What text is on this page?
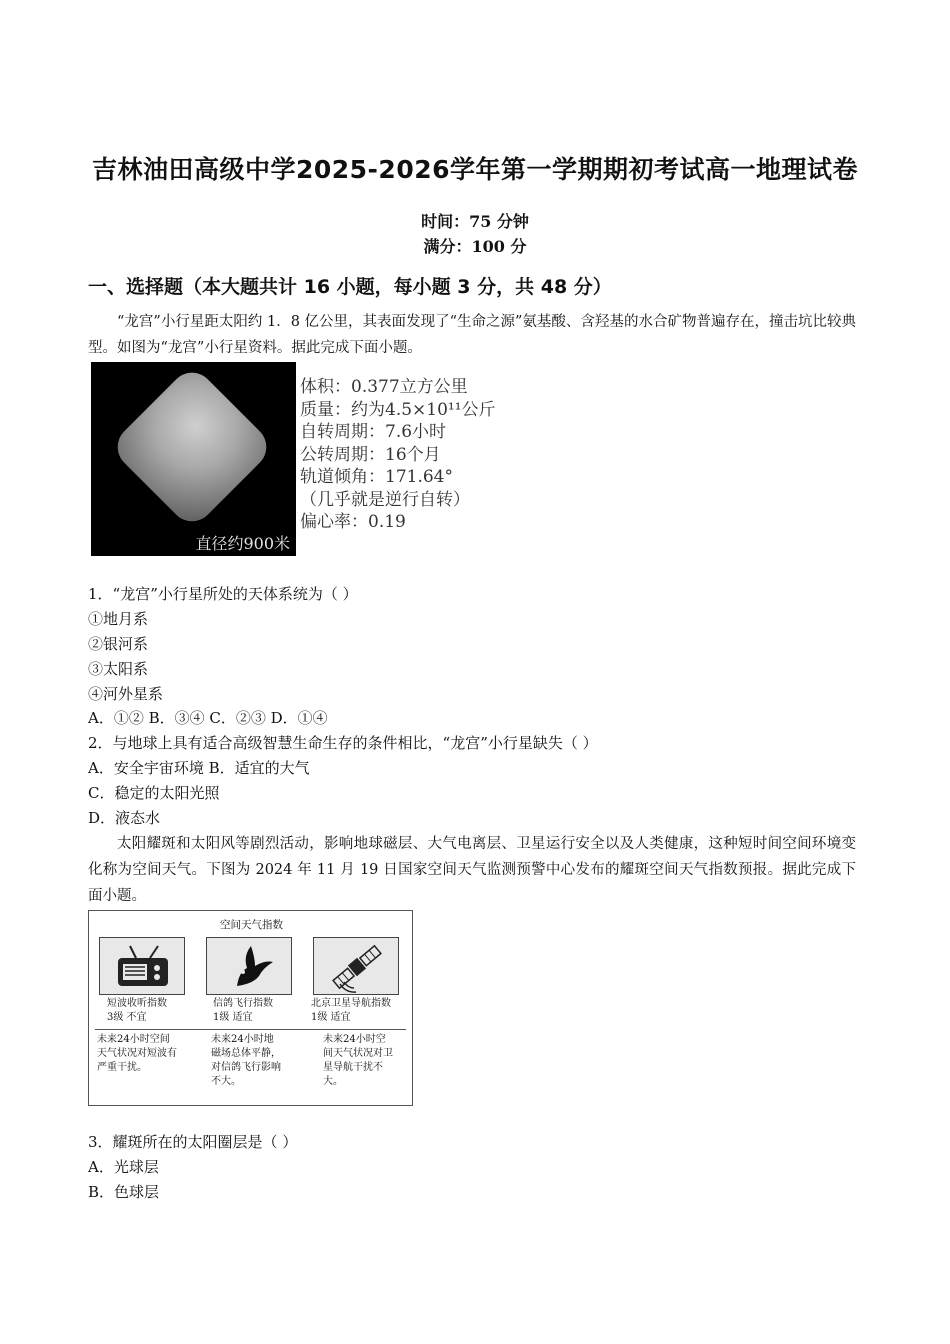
吉林油田高级中学2025-2026学年第一学期期初考试高一地理试卷
时间：75 分钟
满分：100 分
一、选择题（本大题共计 16 小题，每小题 3 分，共 48 分）
“龙宫”小行星距太阳约 1．8 亿公里，其表面发现了“生命之源”氨基酸、含羟基的水合矿物普遍存在，撞击坑比较典型。如图为“龙宫”小行星资料。据此完成下面小题。
直径约900米
体积：0.377立方公里
质量：约为4.5×10¹¹公斤
自转周期：7.6小时
公转周期：16个月
轨道倾角：171.64°
（几乎就是逆行自转）
偏心率：0.19
1．“龙宫”小行星所处的天体系统为（ ）
①地月系
②银河系
③太阳系
④河外星系
A．①② B．③④ C．②③ D．①④
2．与地球上具有适合高级智慧生命生存的条件相比，“龙宫”小行星缺失（ ）
A．安全宇宙环境 B．适宜的大气
C．稳定的太阳光照
D．液态水
太阳耀斑和太阳风等剧烈活动，影响地球磁层、大气电离层、卫星运行安全以及人类健康，这种短时间空间环境变化称为空间天气。下图为 2024 年 11 月 19 日国家空间天气监测预警中心发布的耀斑空间天气指数预报。据此完成下面小题。
空间天气指数
短波收听指数
3级 不宜
信鸽飞行指数
1级 适宜
北京卫星导航指数
1级 适宜
未来24小时空间天气状况对短波有严重干扰。
未来24小时地磁场总体平静，对信鸽飞行影响不大。
未来24小时空间天气状况对卫星导航干扰不大。
3．耀斑所在的太阳圈层是（ ）
A．光球层
B．色球层
